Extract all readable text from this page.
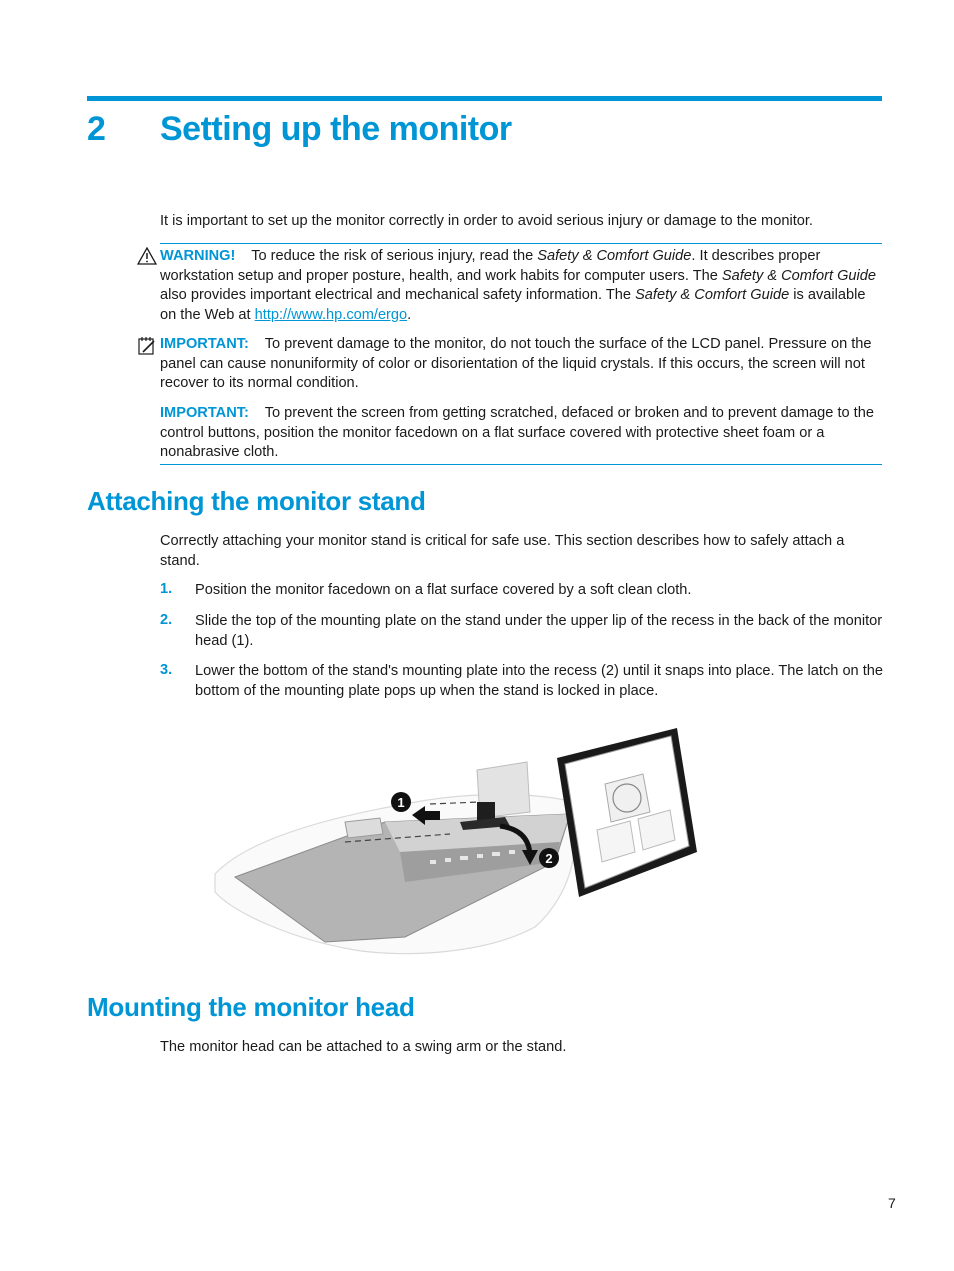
2 Setting up the monitor
It is important to set up the monitor correctly in order to avoid serious injury or damage to the monitor.
WARNING! To reduce the risk of serious injury, read the Safety & Comfort Guide. It describes proper workstation setup and proper posture, health, and work habits for computer users. The Safety & Comfort Guide also provides important electrical and mechanical safety information. The Safety & Comfort Guide is available on the Web at http://www.hp.com/ergo.
IMPORTANT: To prevent damage to the monitor, do not touch the surface of the LCD panel. Pressure on the panel can cause nonuniformity of color or disorientation of the liquid crystals. If this occurs, the screen will not recover to its normal condition.
IMPORTANT: To prevent the screen from getting scratched, defaced or broken and to prevent damage to the control buttons, position the monitor facedown on a flat surface covered with protective sheet foam or a nonabrasive cloth.
Attaching the monitor stand
Correctly attaching your monitor stand is critical for safe use. This section describes how to safely attach a stand.
1. Position the monitor facedown on a flat surface covered by a soft clean cloth.
2. Slide the top of the mounting plate on the stand under the upper lip of the recess in the back of the monitor head (1).
3. Lower the bottom of the stand's mounting plate into the recess (2) until it snaps into place. The latch on the bottom of the mounting plate pops up when the stand is locked in place.
1
2
Mounting the monitor head
The monitor head can be attached to a swing arm or the stand.
7
